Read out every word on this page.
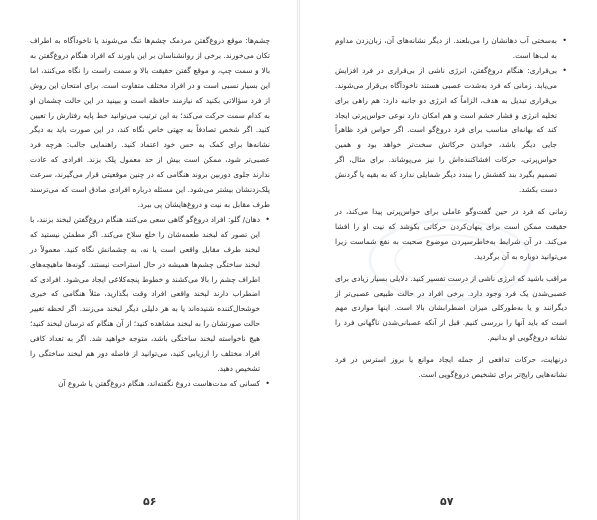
چشم‌ها: موقع دروغ‌گفتن مردمک چشم‌ها تنگ می‌شوند یا ناخودآگاه به اطراف تکان می‌خورند. برخی از روانشناسان بر این باورند که افراد هنگام دروغ‌گفتن به بالا و سمت چپ، و موقع گفتن حقیقت بالا و سمت راست را نگاه می‌کنند، اما این بسیار نسبی است و در افراد مختلف متفاوت است. برای امتحان این روش از فرد سؤالاتی بکنید که نیازمند حافظه است و ببینید در این حالت چشمان او به کدام سمت حرکت می‌کند؛ به این ترتیب می‌توانید خط پایه رفتارش را تعیین کنید. اگر شخص تصادفاً به جهتی خاص نگاه کند، در این صورت باید به دیگر نشانه‌ها برای کمک به حس خود اعتماد کنید. راهنمایی جالب: هرچه فرد عصبی‌تر شود، ممکن است بیش از حد معمول پلک بزند. افرادی که عادت ندارند جلوی دوربین بروند هنگامی که در چنین موقعیتی قرار می‌گیرند، سرعت پلک‌زدنشان بیشتر می‌شود. این مسئله درباره افرادی صادق است که می‌ترسند طرف مقابل به نیت و دروغ‌هایشان پی ببرد.

• دهان/ گلو: افراد دروغ‌گو گاهی سعی می‌کنند هنگام دروغ‌گفتن لبخند بزنند، با این تصور که لبخند طعمه‌شان را خلع سلاح می‌کند. اگر مطمئن نیستید که لبخند طرف مقابل واقعی است یا نه، به چشمانش نگاه کنید. معمولاً در لبخند ساختگی چشم‌ها همیشه در حال استراحت نیستند. گونه‌ها ماهیچه‌های اطراف چشم را بالا می‌کشند و خطوط پنجه‌کلاغی ایجاد می‌شود. افرادی که اضطراب دارند لبخند واقعی افراد وقت بگذارید، مثلاً هنگامی که خبری خوشحال‌کننده شنیده‌اند یا به هر دلیلی دیگر لبخند می‌زنند. اگر لحظه تغییر حالت صورتشان را به لبخند مشاهده کنید؛ از آن هنگام که ترسان لبخند کنید؛ هیچ ناخواسته لبخند ساختگی باشد، متوجه خواهید شد. اگر به تعداد کافی افراد مختلف را ارزیابی کنید، می‌توانید از فاصله دور هم لبخند ساختگی را تشخیص دهید.

• کسانی که مدت‌هاست دروغ نگفته‌اند، هنگام دروغ‌گفتن یا شروع آن

۵۶

• به‌سختی آب دهانشان را می‌بلعند. از دیگر نشانه‌های آن، زبان‌زدن مداوم به لب‌ها است.

• بی‌قراری: هنگام دروغ‌گفتن، انرژی ناشی از بی‌قراری در فرد افزایش می‌یابد. زمانی که فرد به‌شدت عصبی هستند ناخودآگاه بی‌قرار می‌شوند. بی‌قراری تبدیل به هدف، الزاماً که انرژی دو جانبه دارد: هم راهی برای تخلیه انرژی و فشار خشم است و هم امکان دارد نوعی حواس‌پرتی ایجاد کند که بهانه‌ای مناسب برای فرد دروغ‌گو است. اگر حواس فرد ظاهراً جایی دیگر باشد، خواندن حرکاتش سخت‌تر خواهد بود و همین حواس‌پرتی، حرکات افشاکننده‌اش را نیز می‌پوشاند. برای مثال، اگر تصمیم بگیرد بند کفشش را ببندد دیگر شمایلی ندارد که به بقیه یا گردنش دست بکشد.

زمانی که فرد در حین گفت‌وگو عاملی برای حواس‌پرتی پیدا می‌کند، در حقیقت ممکن است برای پنهان‌کردن حرکاتی بکوشد که نیت او را افشا می‌کند. در آن شرایط به‌خاطرسپردن موضوع صحبت به نفع شماست زیرا می‌توانید دوباره به آن برگردید.

مراقب باشید که انرژی ناشی از درست تفسیر کنید. دلایلی بسیار زیادی برای عصبی‌شدن یک فرد وجود دارد. برخی افراد در حالت طبیعی عصبی‌تر از دیگرانند و یا به‌طورکلی میزان اضطرابشان بالا است. اینها مواردی مهم است که باید آنها را بررسی کنیم. قبل از آنکه عصبانی‌شدن ناگهانی فرد را نشانه دروغ‌گویی او بدانیم.

درنهایت، حرکات تدافعی از جمله ایجاد موانع یا بروز استرس در فرد نشانه‌هایی رایج‌تر برای تشخیص دروغ‌گویی است.

۵۷
